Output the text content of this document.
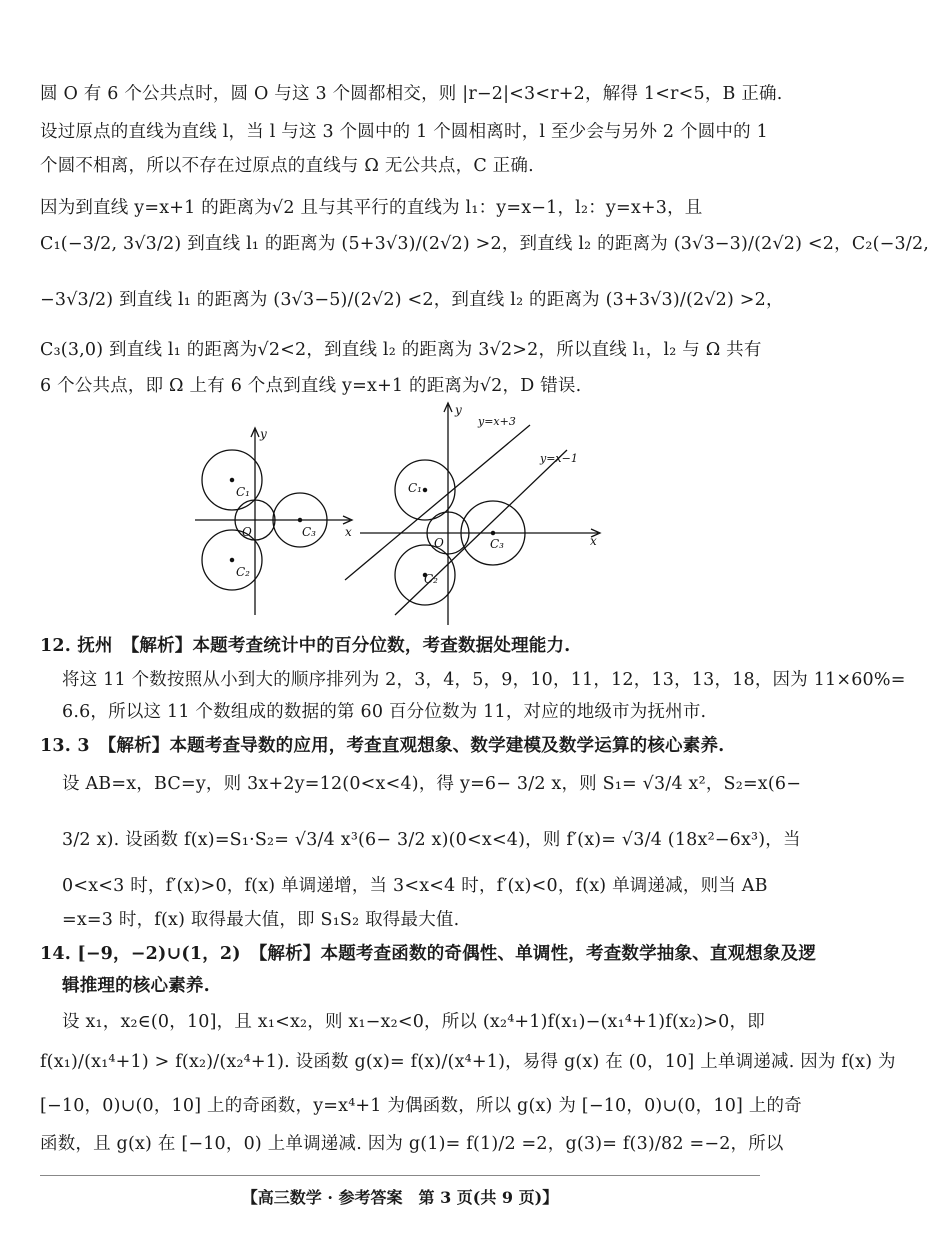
圆 O 有 6 个公共点时，圆 O 与这 3 个圆都相交，则 |r−2|<3<r+2，解得 1<r<5，B 正确.
设过原点的直线为直线 l，当 l 与这 3 个圆中的 1 个圆相离时，l 至少会与另外 2 个圆中的 1
个圆不相离，所以不存在过原点的直线与 Ω 无公共点，C 正确.
因为到直线 y=x+1 的距离为√2 且与其平行的直线为 l₁：y=x−1，l₂：y=x+3，且
C₁(−3/2, 3√3/2) 到直线 l₁ 的距离为 (5+3√3)/(2√2) >2，到直线 l₂ 的距离为 (3√3−3)/(2√2) <2，C₂(−3/2,
−3√3/2) 到直线 l₁ 的距离为 (3√3−5)/(2√2) <2，到直线 l₂ 的距离为 (3+3√3)/(2√2) >2，
C₃(3,0) 到直线 l₁ 的距离为√2<2，到直线 l₂ 的距离为 3√2>2，所以直线 l₁，l₂ 与 Ω 共有
6 个公共点，即 Ω 上有 6 个点到直线 y=x+1 的距离为√2，D 错误.
y
x
O
C₁
C₂
C₃
y
x
O
C₁
C₂
C₃
y=x+3
y=x−1
12. 抚州　【解析】本题考查统计中的百分位数，考查数据处理能力.
将这 11 个数按照从小到大的顺序排列为 2，3，4，5，9，10，11，12，13，13，18，因为 11×60%=
6.6，所以这 11 个数组成的数据的第 60 百分位数为 11，对应的地级市为抚州市.
13. 3　【解析】本题考查导数的应用，考查直观想象、数学建模及数学运算的核心素养.
设 AB=x，BC=y，则 3x+2y=12(0<x<4)，得 y=6− 3/2 x，则 S₁= √3/4 x²，S₂=x(6−
3/2 x). 设函数 f(x)=S₁·S₂= √3/4 x³(6− 3/2 x)(0<x<4)，则 f′(x)= √3/4 (18x²−6x³)，当
0<x<3 时，f′(x)>0，f(x) 单调递增，当 3<x<4 时，f′(x)<0，f(x) 单调递减，则当 AB
=x=3 时，f(x) 取得最大值，即 S₁S₂ 取得最大值.
14. [−9，−2)∪(1，2)　【解析】本题考查函数的奇偶性、单调性，考查数学抽象、直观想象及逻
辑推理的核心素养.
设 x₁，x₂∈(0，10]，且 x₁<x₂，则 x₁−x₂<0，所以 (x₂⁴+1)f(x₁)−(x₁⁴+1)f(x₂)>0，即
f(x₁)/(x₁⁴+1) > f(x₂)/(x₂⁴+1). 设函数 g(x)= f(x)/(x⁴+1)，易得 g(x) 在 (0，10] 上单调递减. 因为 f(x) 为
[−10，0)∪(0，10] 上的奇函数，y=x⁴+1 为偶函数，所以 g(x) 为 [−10，0)∪(0，10] 上的奇
函数，且 g(x) 在 [−10，0) 上单调递减. 因为 g(1)= f(1)/2 =2，g(3)= f(3)/82 =−2，所以
【高三数学 · 参考答案　第 3 页(共 9 页)】
